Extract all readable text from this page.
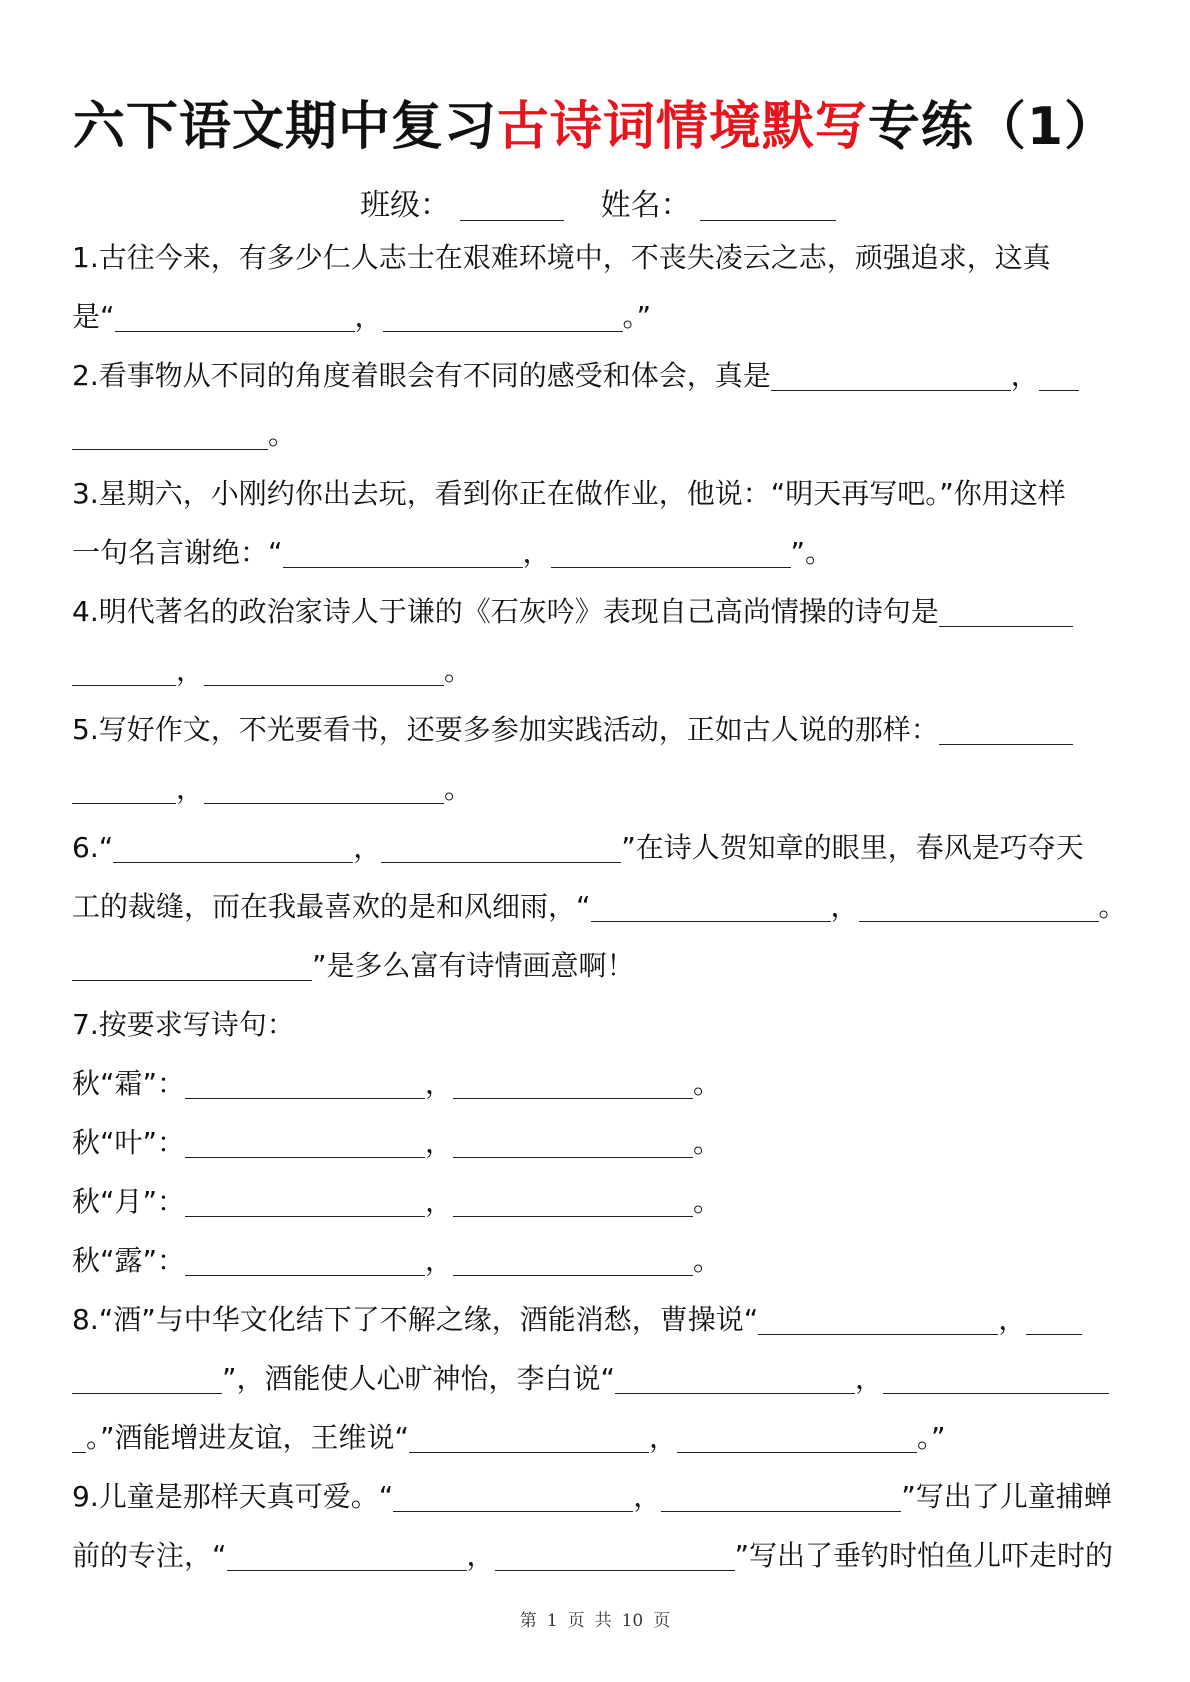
六下语文期中复习古诗词情境默写专练（1）
班级：	姓名：
1.古往今来，有多少仁人志士在艰难环境中，不丧失凌云之志，顽强追求，这真
是“	，	。”
2.看事物从不同的角度着眼会有不同的感受和体会，真是	，
。
3.星期六，小刚约你出去玩，看到你正在做作业，他说：“明天再写吧。”你用这样
一句名言谢绝：“	，	”。
4.明代著名的政治家诗人于谦的《石灰吟》表现自己高尚情操的诗句是
，	。
5.写好作文，不光要看书，还要多参加实践活动，正如古人说的那样：
，	。
6.“	，	”在诗人贺知章的眼里，春风是巧夺天
工的裁缝，而在我最喜欢的是和风细雨，“	，	。
”是多么富有诗情画意啊！
7.按要求写诗句：
秋“霜”：	，	。
秋“叶”：	，	。
秋“月”：	，	。
秋“露”：	，	。
8.“酒”与中华文化结下了不解之缘，酒能消愁，曹操说“	，
”，酒能使人心旷神怡，李白说“	，
。”酒能增进友谊，王维说“	，	。”
9.儿童是那样天真可爱。“	，	”写出了儿童捕蝉
前的专注，“	，	”写出了垂钓时怕鱼儿吓走时的
第 1 页 共 10 页
